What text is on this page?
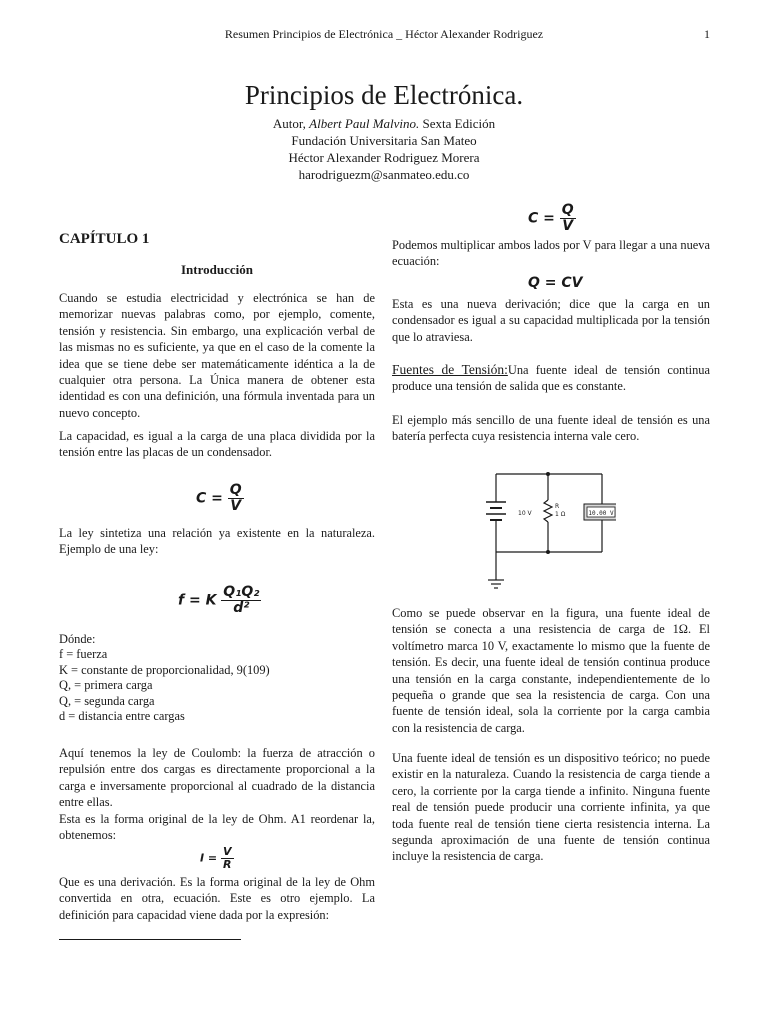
Resumen Principios de Electrónica _ Héctor Alexander Rodriguez	1
Principios de Electrónica.
Autor, Albert Paul Malvino. Sexta Edición
Fundación Universitaria San Mateo
Héctor Alexander Rodriguez Morera
harodriguezm@sanmateo.edu.co
CAPÍTULO 1
Introducción

Cuando se estudia electricidad y electrónica se han de memorizar nuevas palabras como, por ejemplo, comente, tensión y resistencia. Sin embargo, una explicación verbal de las mismas no es suficiente, ya que en el caso de la comente la idea que se tiene debe ser matemáticamente idéntica a la de cualquier otra persona. La Única manera de obtener esta identidad es con una definición, una fórmula inventada para un nuevo concepto.

La capacidad, es igual a la carga de una placa dividida por la tensión entre las placas de un condensador.

$C = \frac{Q}{V}$

La ley sintetiza una relación ya existente en la naturaleza. Ejemplo de una ley:

f = K $\frac{\text{Q₁Q₂}}{\text{d²}}$
Dónde:
f = fuerza
K = constante de proporcionalidad, 9(109)
Q, = primera carga
Q, = segunda carga
d = distancia entre cargas

Aquí tenemos la ley de Coulomb: la fuerza de atracción o repulsión entre dos cargas es directamente proporcional a la carga e inversamente proporcional al cuadrado de la distancia entre ellas.

Esta es la forma original de la ley de Ohm. A1 reordenar la, obtenemos:

$I = \frac{V}{R}$

Que es una derivación. Es la forma original de la ley de Ohm convertida en otra, ecuación. Este es otro ejemplo. La definición para capacidad viene dada por la expresión:

$C = \frac{Q}{V}$

Podemos multiplicar ambos lados por V para llegar a una nueva ecuación:

Q = CV

Esta es una nueva derivación; dice que la carga en un condensador es igual a su capacidad multiplicada por la tensión que lo atraviesa.

Fuentes de Tensión:Una fuente ideal de tensión continua produce una tensión de salida que es constante.

El ejemplo más sencillo de una fuente ideal de tensión es una batería perfecta cuya resistencia interna vale cero.

10 V
R
1 Ω	10.00 V

Como se puede observar en la figura, una fuente ideal de tensión se conecta a una resistencia de carga de 1Ω. El voltímetro marca 10 V, exactamente lo mismo que la fuente de tensión. Es decir, una fuente ideal de tensión continua produce una tensión en la carga constante, independientemente de lo pequeña o grande que sea la resistencia de carga. Con una fuente de tensión ideal, sola la corriente por la carga cambia con la resistencia de carga.

Una fuente ideal de tensión es un dispositivo teórico; no puede existir en la naturaleza. Cuando la resistencia de carga tiende a cero, la corriente por la carga tiende a infinito. Ninguna fuente real de tensión puede producir una corriente infinita, ya que toda fuente real de tensión tiene cierta resistencia interna. La segunda aproximación de una fuente de tensión continua incluye la resistencia de carga.
